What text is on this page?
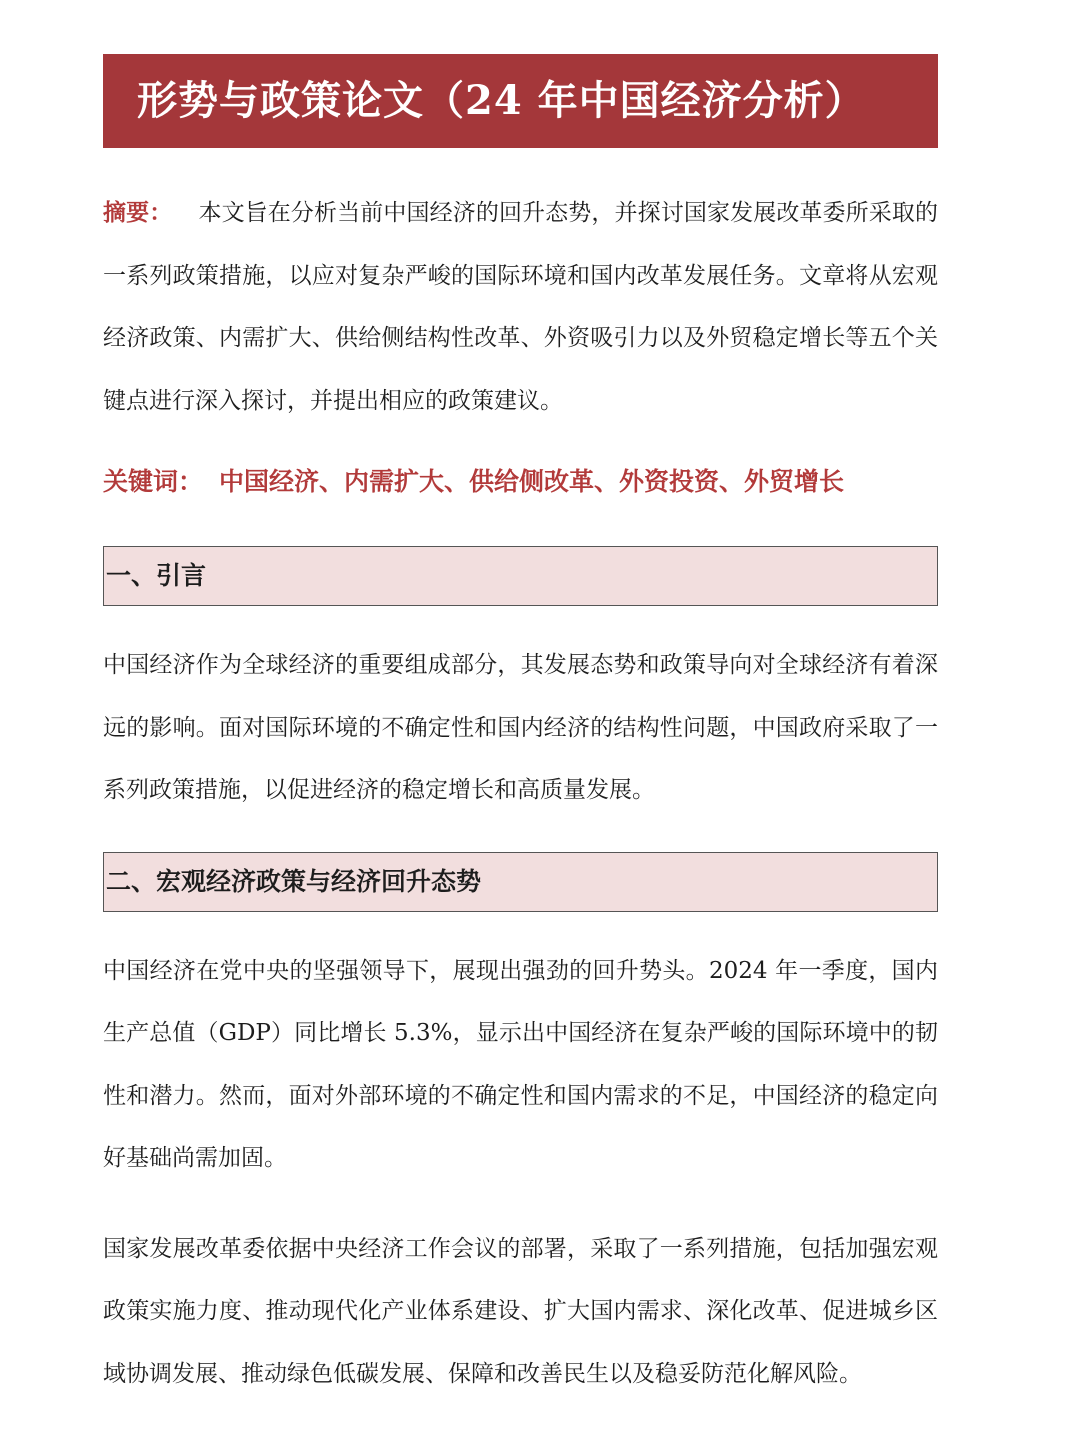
形势与政策论文（24 年中国经济分析）

摘要： 本文旨在分析当前中国经济的回升态势，并探讨国家发展改革委所采取的一系列政策措施，以应对复杂严峻的国际环境和国内改革发展任务。文章将从宏观经济政策、内需扩大、供给侧结构性改革、外资吸引力以及外贸稳定增长等五个关键点进行深入探讨，并提出相应的政策建议。

关键词： 中国经济、内需扩大、供给侧改革、外资投资、外贸增长
一、引言

中国经济作为全球经济的重要组成部分，其发展态势和政策导向对全球经济有着深远的影响。面对国际环境的不确定性和国内经济的结构性问题，中国政府采取了一系列政策措施，以促进经济的稳定增长和高质量发展。

二、宏观经济政策与经济回升态势

中国经济在党中央的坚强领导下，展现出强劲的回升势头。2024 年一季度，国内生产总值（GDP）同比增长 5.3%，显示出中国经济在复杂严峻的国际环境中的韧性和潜力。然而，面对外部环境的不确定性和国内需求的不足，中国经济的稳定向好基础尚需加固。

国家发展改革委依据中央经济工作会议的部署，采取了一系列措施，包括加强宏观政策实施力度、推动现代化产业体系建设、扩大国内需求、深化改革、促进城乡区域协调发展、推动绿色低碳发展、保障和改善民生以及稳妥防范化解风险。
